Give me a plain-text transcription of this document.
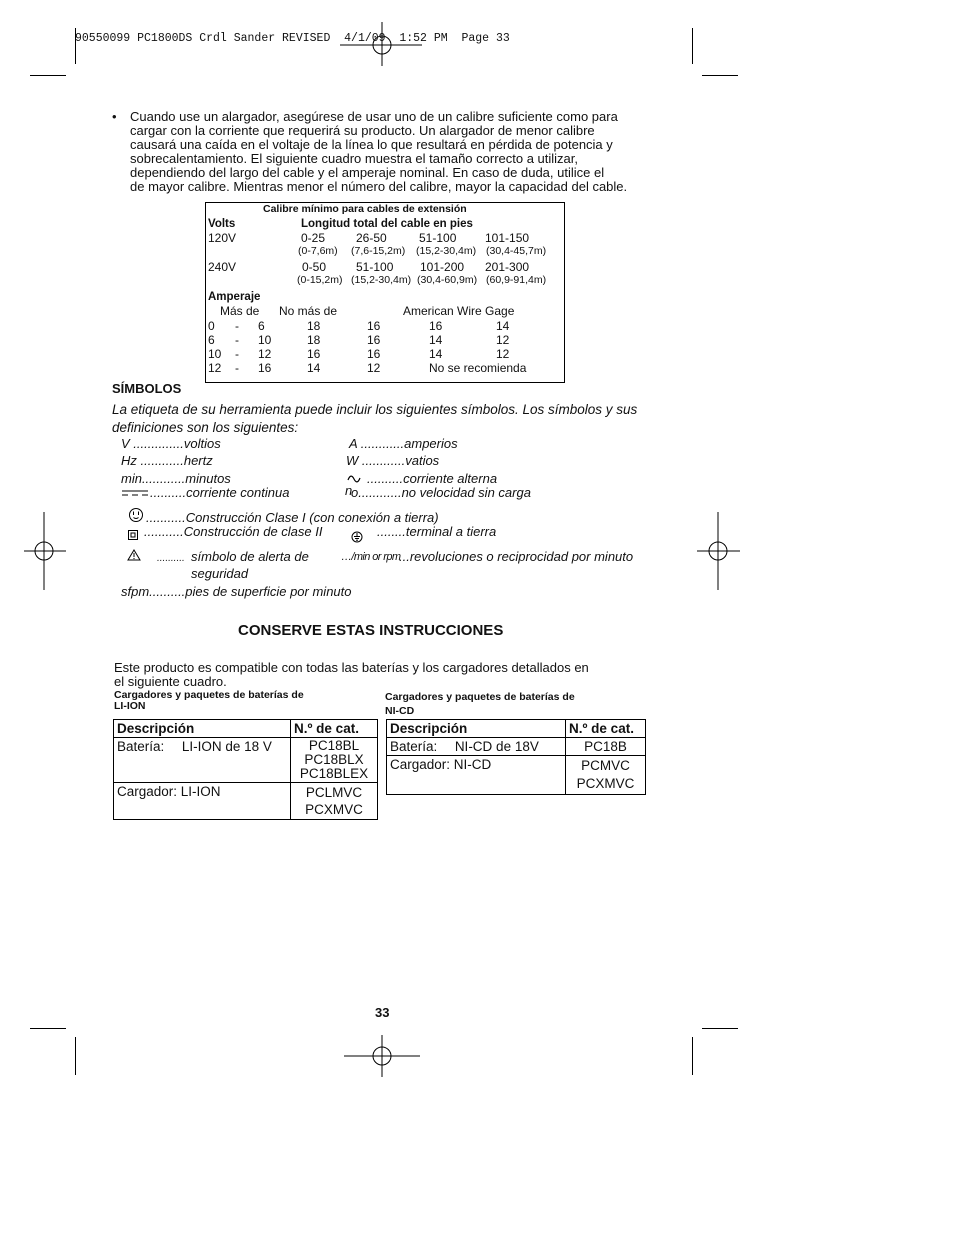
90550099 PC1800DS Crdl Sander REVISED  4/1/09  1:52 PM  Page 33
• Cuando use un alargador, asegúrese de usar uno de un calibre suficiente como para
cargar con la corriente que requerirá su producto. Un alargador de menor calibre
causará una caída en el voltaje de la línea lo que resultará en pérdida de potencia y
sobrecalentamiento. El siguiente cuadro muestra el tamaño correcto a utilizar,
dependiendo del largo del cable y el amperaje nominal. En caso de duda, utilice el
de mayor calibre. Mientras menor el número del calibre, mayor la capacidad del cable.
Calibre mínimo para cables de extensión
Volts	Longitud total del cable en pies
120V	0-25	26-50	51-100 101-150
(0-7,6m) (7,6-15,2m) (15,2-30,4m) (30,4-45,7m)
240V	0-50 51-100 101-200 201-300
(0-15,2m) (15,2-30,4m) (30,4-60,9m) (60,9-91,4m)
Amperaje
Más de No más de	American Wire Gage
0 - 6	18	16	16	14
6 - 10	18	16	14	12
10 - 12	16	16	14	12
12 - 16	14	12	No se recomienda
SÍMBOLOS
La etiqueta de su herramienta puede incluir los siguientes símbolos. Los símbolos y sus
definiciones son los siguientes:
V ..............voltios	A ............amperios
Hz ............hertz	W ............vatios
min............minutos	..........corriente alterna
..........corriente continua	n
o............no velocidad sin carga
...........Construcción Clase I (con conexión a tierra)
...........Construcción de clase II	........terminal a tierra
.......... símbolo de alerta de
seguridad
…/min or rpm
...revoluciones o reciprocidad por minuto
sfpm..........pies de superficie por minuto
CONSERVE ESTAS INSTRUCCIONES
Este producto es compatible con todas las baterías y los cargadores detallados en
el siguiente cuadro.
Cargadores y paquetes de baterías de
LI-ION
Cargadores y paquetes de baterías de
NI-CD
Descripción	N.º de cat.
Batería: LI-ION de 18 V	PC18BL
PC18BLX
PC18BLEX

Cargador: LI-ION	PCLMVC
PCXMVC
Descripción	N.º de cat.
Batería: NI-CD de 18V	PC18B
Cargador: NI-CD	PCMVC
PCXMVC
33
